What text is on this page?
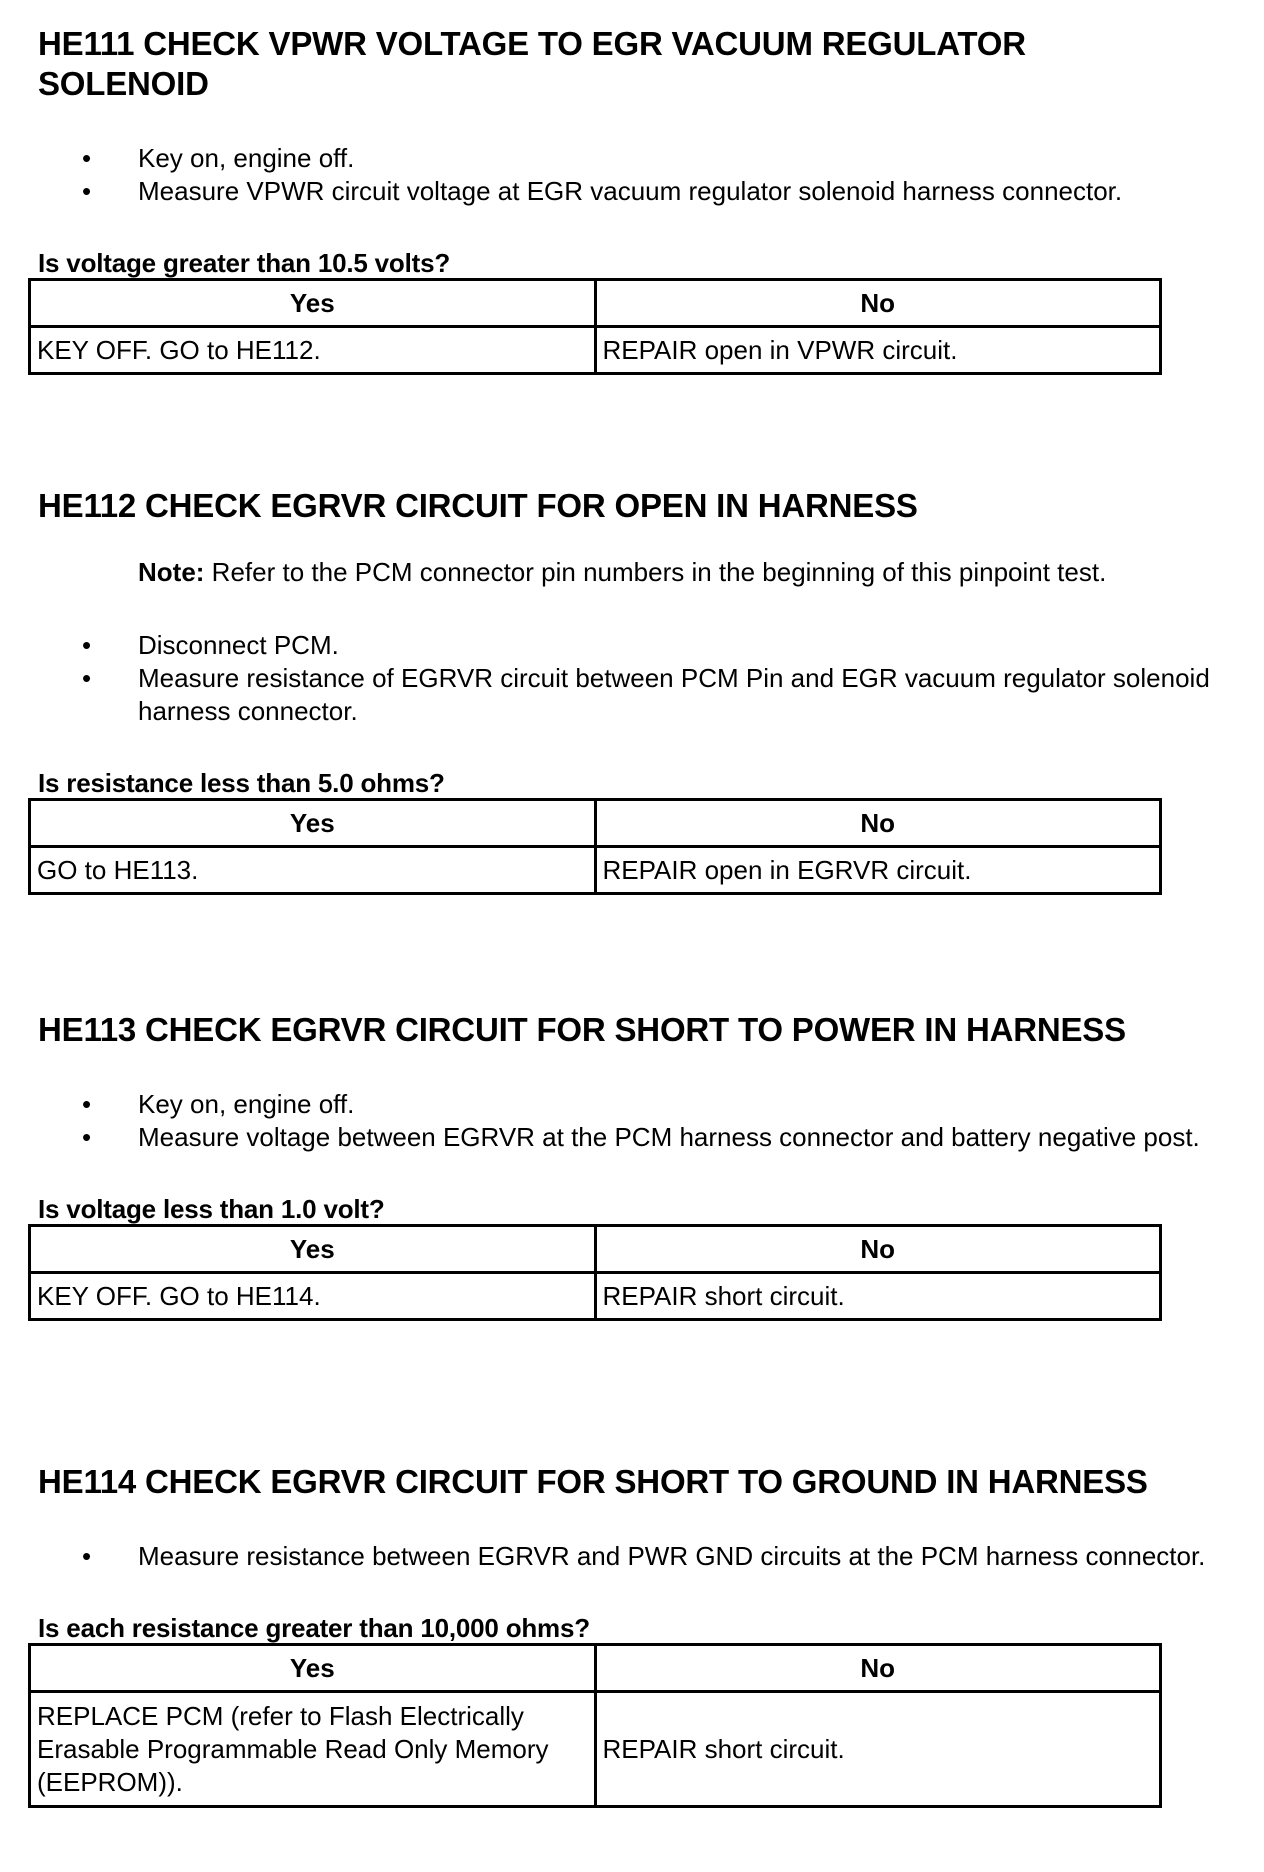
HE111 CHECK VPWR VOLTAGE TO EGR VACUUM REGULATOR SOLENOID
• Key on, engine off.
• Measure VPWR circuit voltage at EGR vacuum regulator solenoid harness connector.

Is voltage greater than 10.5 volts?

Yes	No
KEY OFF. GO to HE112.	REPAIR open in VPWR circuit.
HE112 CHECK EGRVR CIRCUIT FOR OPEN IN HARNESS

Note: Refer to the PCM connector pin numbers in the beginning of this pinpoint test.

• Disconnect PCM.
• Measure resistance of EGRVR circuit between PCM Pin and EGR vacuum regulator solenoid harness connector.

Is resistance less than 5.0 ohms?

Yes	No
GO to HE113.	REPAIR open in EGRVR circuit.
HE113 CHECK EGRVR CIRCUIT FOR SHORT TO POWER IN HARNESS
• Key on, engine off.
• Measure voltage between EGRVR at the PCM harness connector and battery negative post.

Is voltage less than 1.0 volt?

Yes	No
KEY OFF. GO to HE114.	REPAIR short circuit.
HE114 CHECK EGRVR CIRCUIT FOR SHORT TO GROUND IN HARNESS
• Measure resistance between EGRVR and PWR GND circuits at the PCM harness connector.

Is each resistance greater than 10,000 ohms?

Yes	No
REPLACE PCM (refer to Flash Electrically Erasable Programmable Read Only Memory (EEPROM)).	REPAIR short circuit.
